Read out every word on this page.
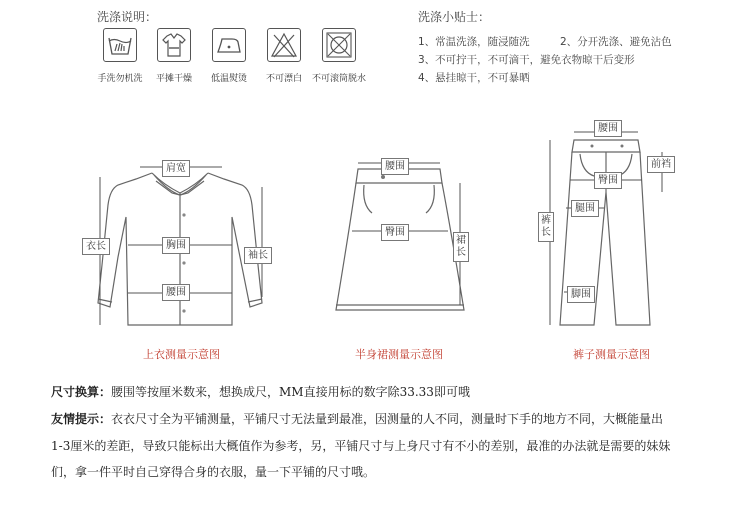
洗涤说明：	洗涤小贴士：
手洗勿机洗	平摊干燥	低温熨烫	不可漂白	不可滚筒脱水
1、常温洗涤，随浸随洗	2、分开洗涤、避免沾色
3、不可拧干，不可滴干，避免衣物晾干后变形
4、悬挂晾干，不可暴晒
肩宽
衣长	胸围
袖长
腰围
上衣测量示意图
腰围
臀围
裙长
半身裙测量示意图
腰围
前裆
臀围
裤长
腿围
脚围
裤子测量示意图
尺寸换算：腰围等按厘米数来，想换成尺，MM直接用标的数字除33.33即可哦
友情提示：衣衣尺寸全为平铺测量，平铺尺寸无法量到最准，因测量的人不同，测量时下手的地方不同，大概能量出
1-3厘米的差距，导致只能标出大概值作为参考，另，平铺尺寸与上身尺寸有不小的差别，最准的办法就是需要的妹妹
们，拿一件平时自己穿得合身的衣服，量一下平铺的尺寸哦。
